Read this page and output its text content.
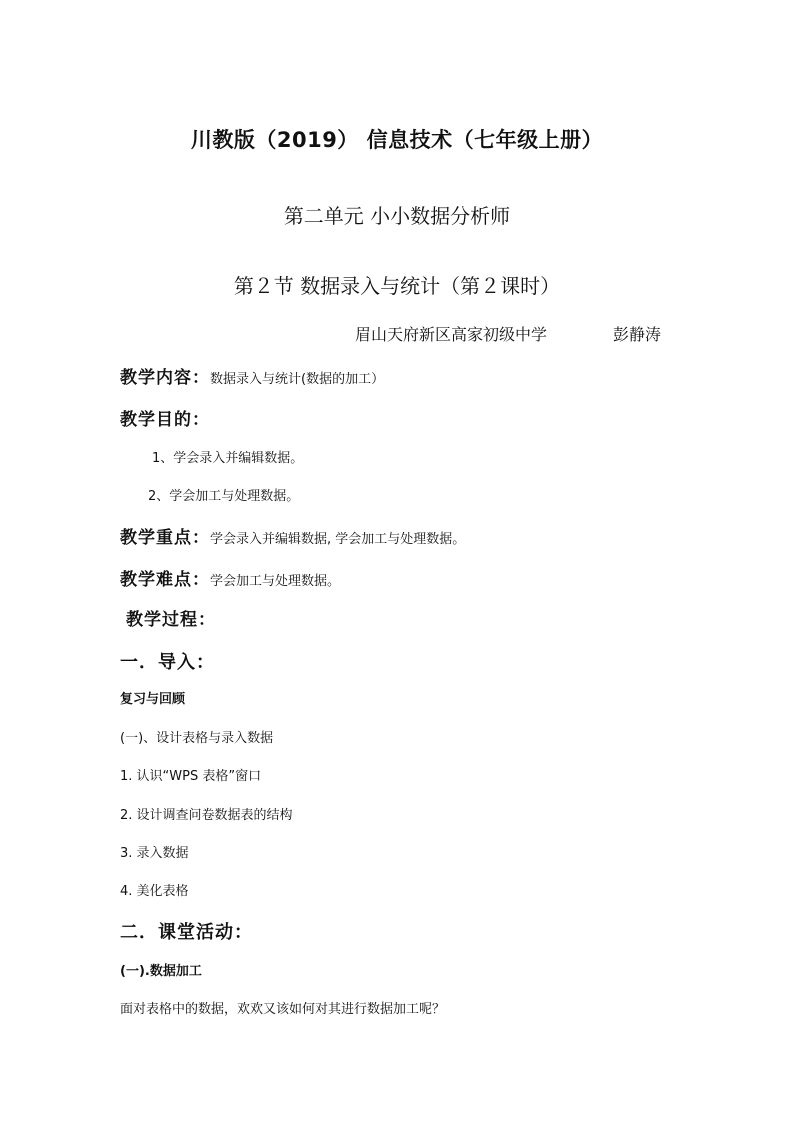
川教版（2019） 信息技术（七年级上册）
第二单元 小小数据分析师
第２节 数据录入与统计（第２课时）
眉山天府新区高家初级中学	彭静涛
教学内容：数据录入与统计(数据的加工）
教学目的：
1、学会录入并编辑数据。
2、学会加工与处理数据。
教学重点：学会录入并编辑数据, 学会加工与处理数据。
教学难点：学会加工与处理数据。
教学过程：
一．导入：
复习与回顾
(一)、设计表格与录入数据
1. 认识“WPS 表格”窗口
2. 设计调查问卷数据表的结构
3. 录入数据
4. 美化表格
二．课堂活动：
(一).数据加工
面对表格中的数据，欢欢又该如何对其进行数据加工呢？
